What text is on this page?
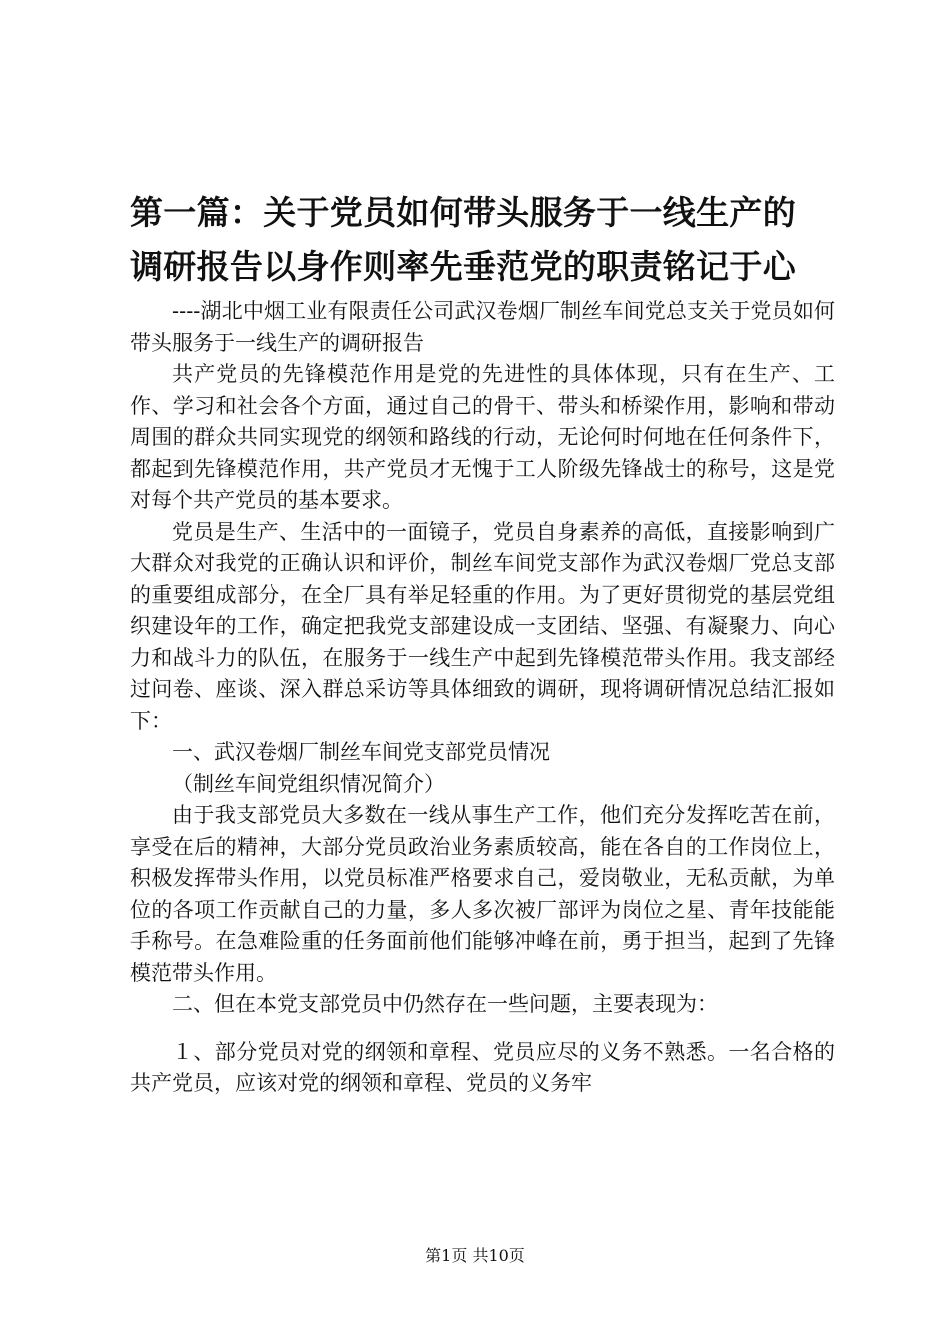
第一篇：关于党员如何带头服务于一线生产的
调研报告以身作则率先垂范党的职责铭记于心

----湖北中烟工业有限责任公司武汉卷烟厂制丝车间党总支关于党员如何带头服务于一线生产的调研报告

共产党员的先锋模范作用是党的先进性的具体体现，只有在生产、工作、学习和社会各个方面，通过自己的骨干、带头和桥梁作用，影响和带动周围的群众共同实现党的纲领和路线的行动，无论何时何地在任何条件下，都起到先锋模范作用，共产党员才无愧于工人阶级先锋战士的称号，这是党对每个共产党员的基本要求。

党员是生产、生活中的一面镜子，党员自身素养的高低，直接影响到广大群众对我党的正确认识和评价，制丝车间党支部作为武汉卷烟厂党总支部的重要组成部分，在全厂具有举足轻重的作用。为了更好贯彻党的基层党组织建设年的工作，确定把我党支部建设成一支团结、坚强、有凝聚力、向心力和战斗力的队伍，在服务于一线生产中起到先锋模范带头作用。我支部经过问卷、座谈、深入群总采访等具体细致的调研，现将调研情况总结汇报如下：

一、武汉卷烟厂制丝车间党支部党员情况

（制丝车间党组织情况简介）

由于我支部党员大多数在一线从事生产工作，他们充分发挥吃苦在前，享受在后的精神，大部分党员政治业务素质较高，能在各自的工作岗位上，积极发挥带头作用，以党员标准严格要求自己，爱岗敬业，无私贡献，为单位的各项工作贡献自己的力量，多人多次被厂部评为岗位之星、青年技能能手称号。在急难险重的任务面前他们能够冲峰在前，勇于担当，起到了先锋模范带头作用。

二、但在本党支部党员中仍然存在一些问题，主要表现为：

１、部分党员对党的纲领和章程、党员应尽的义务不熟悉。一名合格的共产党员，应该对党的纲领和章程、党员的义务牢

第1页 共10页
